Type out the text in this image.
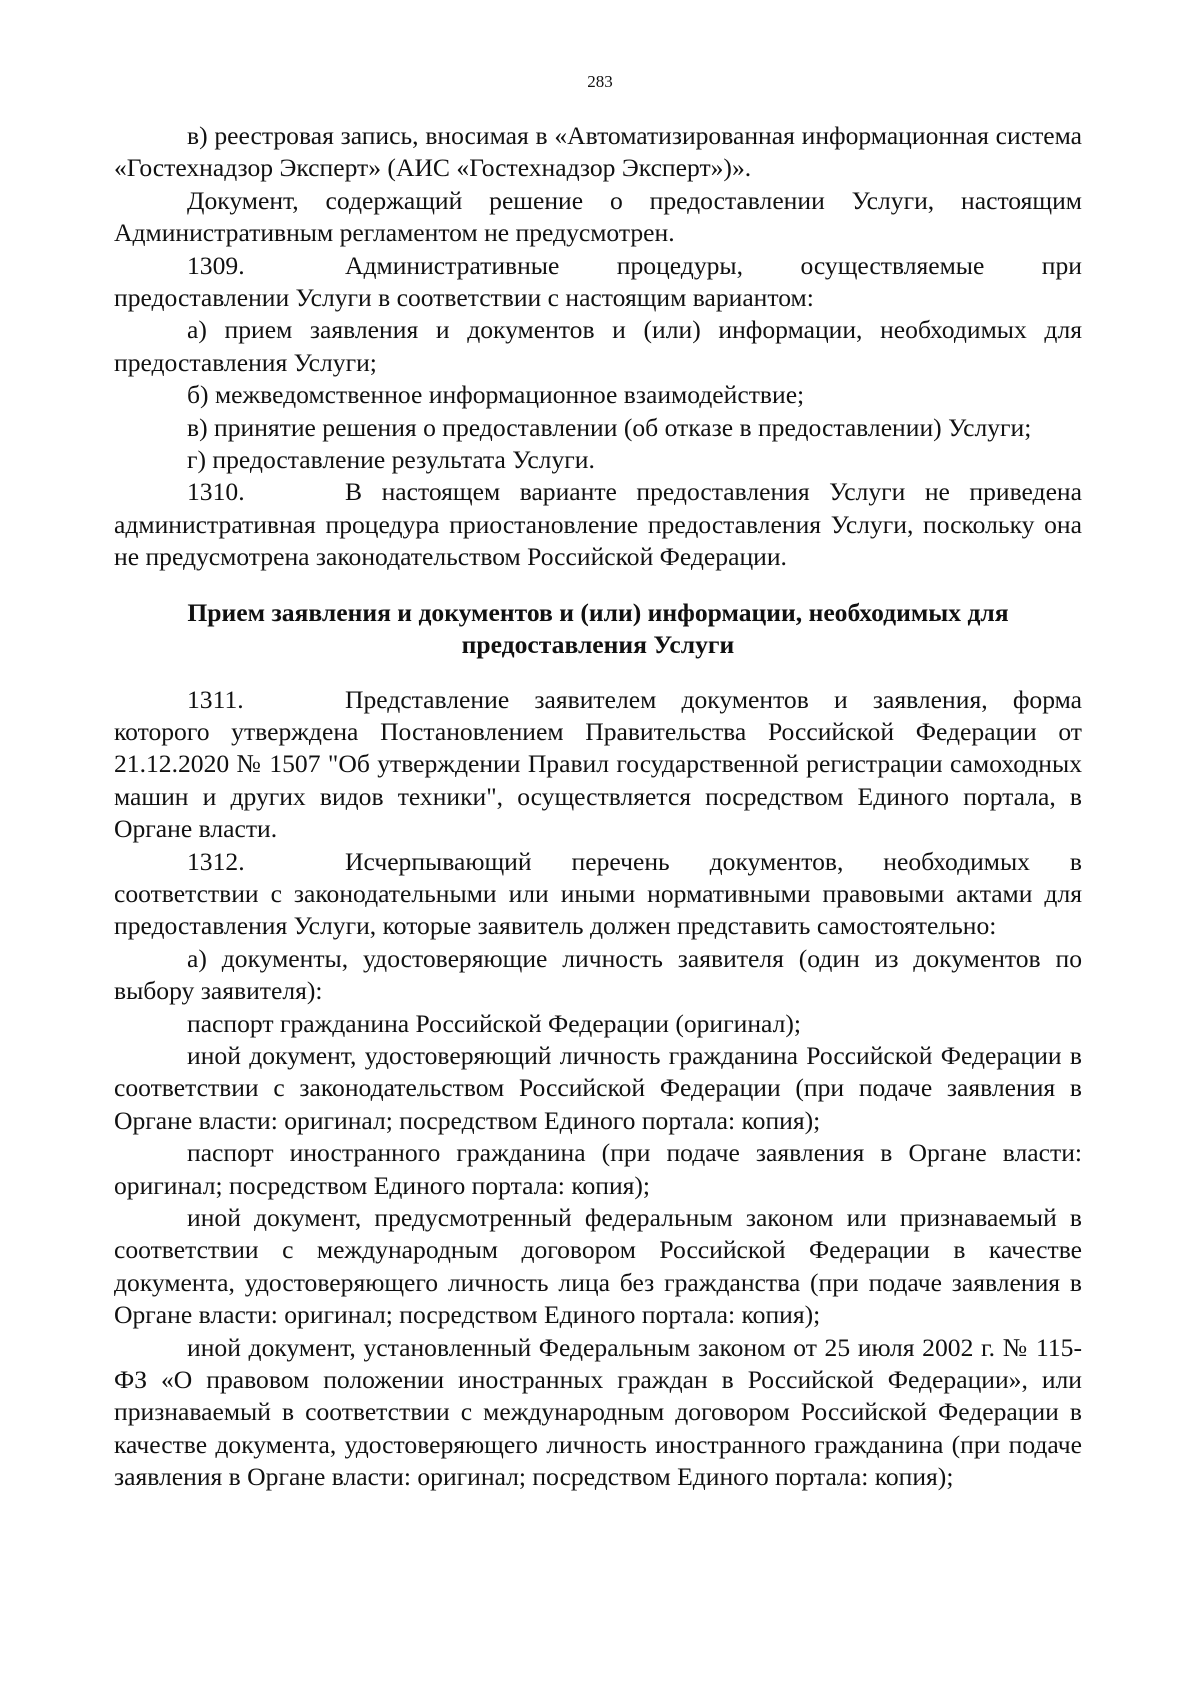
283

в) реестровая запись, вносимая в «Автоматизированная информационная система «Гостехнадзор Эксперт» (АИС «Гостехнадзор Эксперт»)».

Документ, содержащий решение о предоставлении Услуги, настоящим Административным регламентом не предусмотрен.

1309.	Административные процедуры, осуществляемые при предоставлении Услуги в соответствии с настоящим вариантом:

а) прием заявления и документов и (или) информации, необходимых для предоставления Услуги;

б) межведомственное информационное взаимодействие;

в) принятие решения о предоставлении (об отказе в предоставлении) Услуги;

г) предоставление результата Услуги.

1310.	В настоящем варианте предоставления Услуги не приведена административная процедура приостановление предоставления Услуги, поскольку она не предусмотрена законодательством Российской Федерации.

Прием заявления и документов и (или) информации, необходимых для
предоставления Услуги

1311.	Представление заявителем документов и заявления, форма которого утверждена Постановлением Правительства Российской Федерации от 21.12.2020 № 1507 "Об утверждении Правил государственной регистрации самоходных машин и других видов техники", осуществляется посредством Единого портала, в Органе власти.

1312.	Исчерпывающий перечень документов, необходимых в соответствии с законодательными или иными нормативными правовыми актами для предоставления Услуги, которые заявитель должен представить самостоятельно:

а) документы, удостоверяющие личность заявителя (один из документов по выбору заявителя):

паспорт гражданина Российской Федерации (оригинал);

иной документ, удостоверяющий личность гражданина Российской Федерации в соответствии с законодательством Российской Федерации (при подаче заявления в Органе власти: оригинал; посредством Единого портала: копия);

паспорт иностранного гражданина (при подаче заявления в Органе власти: оригинал; посредством Единого портала: копия);

иной документ, предусмотренный федеральным законом или признаваемый в соответствии с международным договором Российской Федерации в качестве документа, удостоверяющего личность лица без гражданства (при подаче заявления в Органе власти: оригинал; посредством Единого портала: копия);

иной документ, установленный Федеральным законом от 25 июля 2002 г. № 115-ФЗ «О правовом положении иностранных граждан в Российской Федерации», или признаваемый в соответствии с международным договором Российской Федерации в качестве документа, удостоверяющего личность иностранного гражданина (при подаче заявления в Органе власти: оригинал; посредством Единого портала: копия);
